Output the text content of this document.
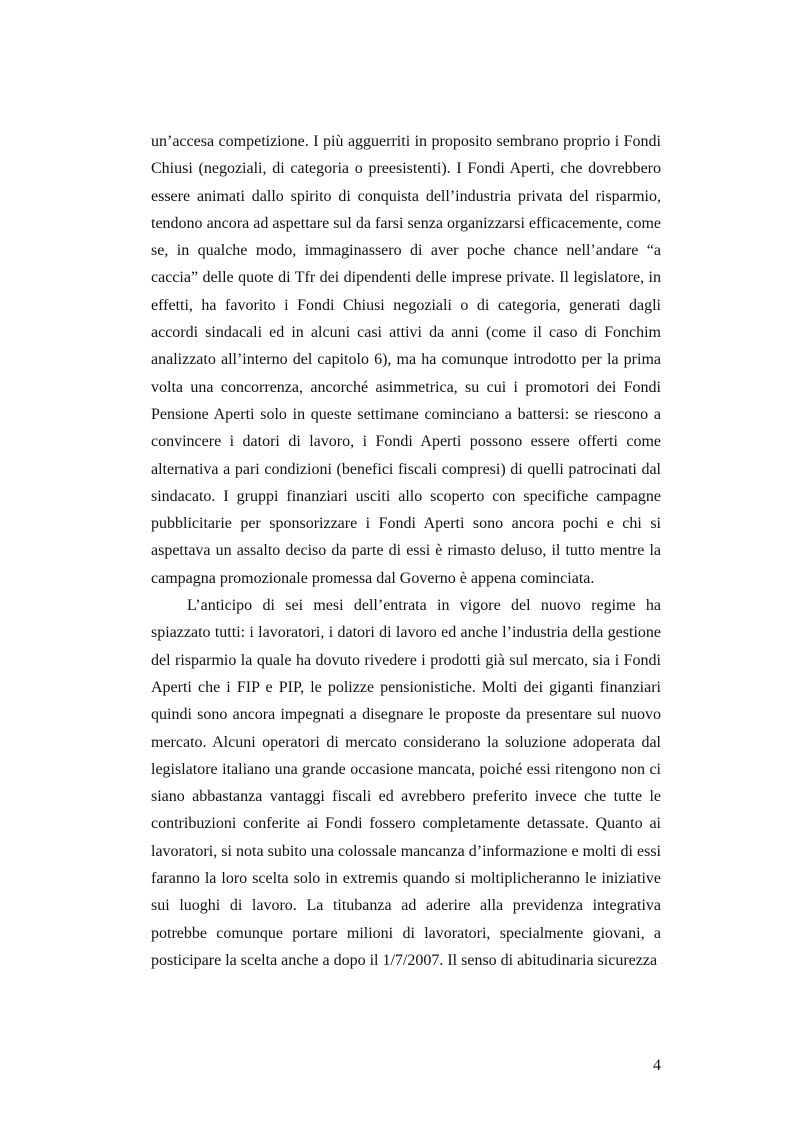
un’accesa competizione. I più agguerriti in proposito sembrano proprio i Fondi Chiusi (negoziali, di categoria o preesistenti). I Fondi Aperti, che dovrebbero essere animati dallo spirito di conquista dell’industria privata del risparmio, tendono ancora ad aspettare sul da farsi senza organizzarsi efficacemente, come se, in qualche modo, immaginassero di aver poche chance nell’andare “a caccia” delle quote di Tfr dei dipendenti delle imprese private. Il legislatore, in effetti, ha favorito i Fondi Chiusi negoziali o di categoria, generati dagli accordi sindacali ed in alcuni casi attivi da anni (come il caso di Fonchim analizzato all’interno del capitolo 6), ma ha comunque introdotto per la prima volta una concorrenza, ancorché asimmetrica, su cui i promotori dei Fondi Pensione Aperti solo in queste settimane cominciano a battersi: se riescono a convincere i datori di lavoro, i Fondi Aperti possono essere offerti come alternativa a pari condizioni (benefici fiscali compresi) di quelli patrocinati dal sindacato. I gruppi finanziari usciti allo scoperto con specifiche campagne pubblicitarie per sponsorizzare i Fondi Aperti sono ancora pochi e chi si aspettava un assalto deciso da parte di essi è rimasto deluso, il tutto mentre la campagna promozionale promessa dal Governo è appena cominciata.

L’anticipo di sei mesi dell’entrata in vigore del nuovo regime ha spiazzato tutti: i lavoratori, i datori di lavoro ed anche l’industria della gestione del risparmio la quale ha dovuto rivedere i prodotti già sul mercato, sia i Fondi Aperti che i FIP e PIP, le polizze pensionistiche. Molti dei giganti finanziari quindi sono ancora impegnati a disegnare le proposte da presentare sul nuovo mercato. Alcuni operatori di mercato considerano la soluzione adoperata dal legislatore italiano una grande occasione mancata, poiché essi ritengono non ci siano abbastanza vantaggi fiscali ed avrebbero preferito invece che tutte le contribuzioni conferite ai Fondi fossero completamente detassate. Quanto ai lavoratori, si nota subito una colossale mancanza d’informazione e molti di essi faranno la loro scelta solo in extremis quando si moltiplicheranno le iniziative sui luoghi di lavoro. La titubanza ad aderire alla previdenza integrativa potrebbe comunque portare milioni di lavoratori, specialmente giovani, a posticipare la scelta anche a dopo il 1/7/2007. Il senso di abitudinaria sicurezza

4
